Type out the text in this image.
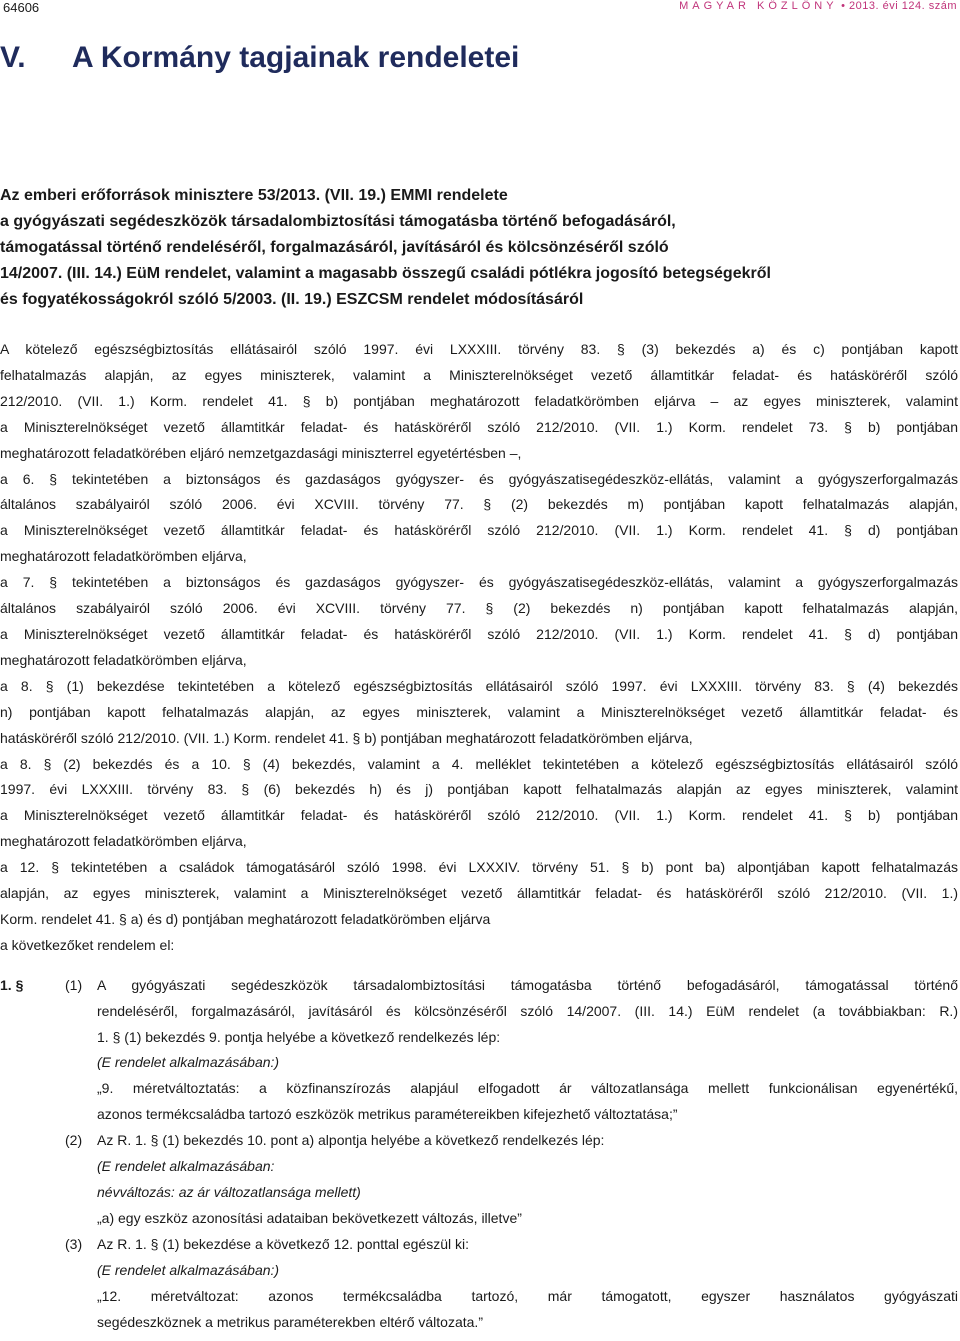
64606	MAGYAR KÖZLÖNY • 2013. évi 124. szám
V. A Kormány tagjainak rendeletei
Az emberi erőforrások minisztere 53/2013. (VII. 19.) EMMI rendelete
a gyógyászati segédeszközök társadalombiztosítási támogatásba történő befogadásáról,
támogatással történő rendeléséről, forgalmazásáról, javításáról és kölcsönzéséről szóló
14/2007. (III. 14.) EüM rendelet, valamint a magasabb összegű családi pótlékra jogosító betegségekről
és fogyatékosságokról szóló 5/2003. (II. 19.) ESZCSM rendelet módosításáról

A kötelező egészségbiztosítás ellátásairól szóló 1997. évi LXXXIII. törvény 83. § (3) bekezdés a) és c) pontjában kapott

felhatalmazás alapján, az egyes miniszterek, valamint a Miniszterelnökséget vezető államtitkár feladat- és hatásköréről szóló

212/2010. (VII. 1.) Korm. rendelet 41. § b) pontjában meghatározott feladatkörömben eljárva – az egyes miniszterek, valamint

a Miniszterelnökséget vezető államtitkár feladat- és hatásköréről szóló 212/2010. (VII. 1.) Korm. rendelet 73. § b) pontjában

meghatározott feladatkörében eljáró nemzetgazdasági miniszterrel egyetértésben –,

a 6. § tekintetében a biztonságos és gazdaságos gyógyszer- és gyógyászatisegédeszköz-ellátás, valamint a gyógyszerforgalmazás

általános szabályairól szóló 2006. évi XCVIII. törvény 77. § (2) bekezdés m) pontjában kapott felhatalmazás alapján,

a Miniszterelnökséget vezető államtitkár feladat- és hatásköréről szóló 212/2010. (VII. 1.) Korm. rendelet 41. § d) pontjában

meghatározott feladatkörömben eljárva,

a 7. § tekintetében a biztonságos és gazdaságos gyógyszer- és gyógyászatisegédeszköz-ellátás, valamint a gyógyszerforgalmazás

általános szabályairól szóló 2006. évi XCVIII. törvény 77. § (2) bekezdés n) pontjában kapott felhatalmazás alapján,

a Miniszterelnökséget vezető államtitkár feladat- és hatásköréről szóló 212/2010. (VII. 1.) Korm. rendelet 41. § d) pontjában

meghatározott feladatkörömben eljárva,

a 8. § (1) bekezdése tekintetében a kötelező egészségbiztosítás ellátásairól szóló 1997. évi LXXXIII. törvény 83. § (4) bekezdés

n) pontjában kapott felhatalmazás alapján, az egyes miniszterek, valamint a Miniszterelnökséget vezető államtitkár feladat- és

hatásköréről szóló 212/2010. (VII. 1.) Korm. rendelet 41. § b) pontjában meghatározott feladatkörömben eljárva,

a 8. § (2) bekezdés és a 10. § (4) bekezdés, valamint a 4. melléklet tekintetében a kötelező egészségbiztosítás ellátásairól szóló

1997. évi LXXXIII. törvény 83. § (6) bekezdés h) és j) pontjában kapott felhatalmazás alapján az egyes miniszterek, valamint

a Miniszterelnökséget vezető államtitkár feladat- és hatásköréről szóló 212/2010. (VII. 1.) Korm. rendelet 41. § b) pontjában

meghatározott feladatkörömben eljárva,

a 12. § tekintetében a családok támogatásáról szóló 1998. évi LXXXIV. törvény 51. § b) pont ba) alpontjában kapott felhatalmazás

alapján, az egyes miniszterek, valamint a Miniszterelnökséget vezető államtitkár feladat- és hatásköréről szóló 212/2010. (VII. 1.)

Korm. rendelet 41. § a) és d) pontjában meghatározott feladatkörömben eljárva

a következőket rendelem el:

1. §	(1) A gyógyászati segédeszközök társadalombiztosítási támogatásba történő befogadásáról, támogatással történő

rendeléséről, forgalmazásáról, javításáról és kölcsönzéséről szóló 14/2007. (III. 14.) EüM rendelet (a továbbiakban: R.)

1. § (1) bekezdés 9. pontja helyébe a következő rendelkezés lép:

(E rendelet alkalmazásában:)

„9. méretváltoztatás: a közfinanszírozás alapjául elfogadott ár változatlansága mellett funkcionálisan egyenértékű,

azonos termékcsaládba tartozó eszközök metrikus paramétereikben kifejezhető változtatása;”

(2) Az R. 1. § (1) bekezdés 10. pont a) alpontja helyébe a következő rendelkezés lép:

(E rendelet alkalmazásában:

névváltozás: az ár változatlansága mellett)

„a) egy eszköz azonosítási adataiban bekövetkezett változás, illetve”

(3) Az R. 1. § (1) bekezdése a következő 12. ponttal egészül ki:

(E rendelet alkalmazásában:)

„12. méretváltozat: azonos termékcsaládba tartozó, már támogatott, egyszer használatos gyógyászati

segédeszköznek a metrikus paraméterekben eltérő változata.”
